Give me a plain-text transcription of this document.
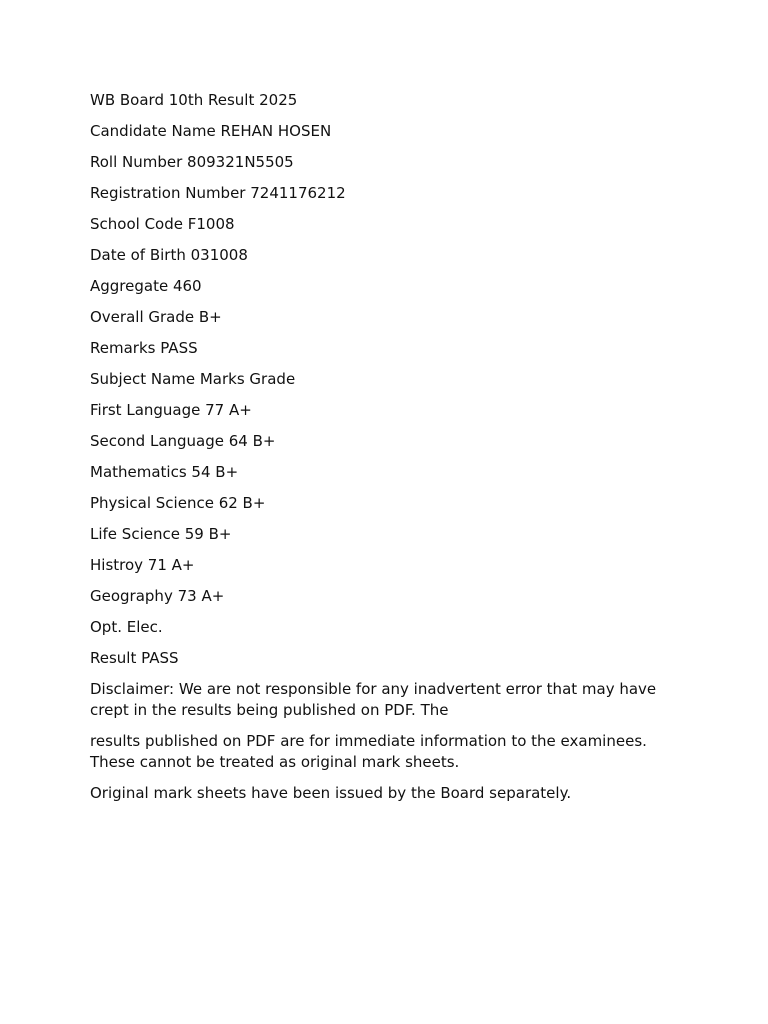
WB Board 10th Result 2025
Candidate Name REHAN HOSEN
Roll Number 809321N5505
Registration Number 7241176212
School Code F1008
Date of Birth 031008
Aggregate 460
Overall Grade B+
Remarks PASS
Subject Name Marks Grade
First Language 77 A+
Second Language 64 B+
Mathematics 54 B+
Physical Science 62 B+
Life Science 59 B+
Histroy 71 A+
Geography 73 A+
Opt. Elec.
Result PASS
Disclaimer: We are not responsible for any inadvertent error that may have crept in the results being published on PDF. The
results published on PDF are for immediate information to the examinees. These cannot be treated as original mark sheets.
Original mark sheets have been issued by the Board separately.
